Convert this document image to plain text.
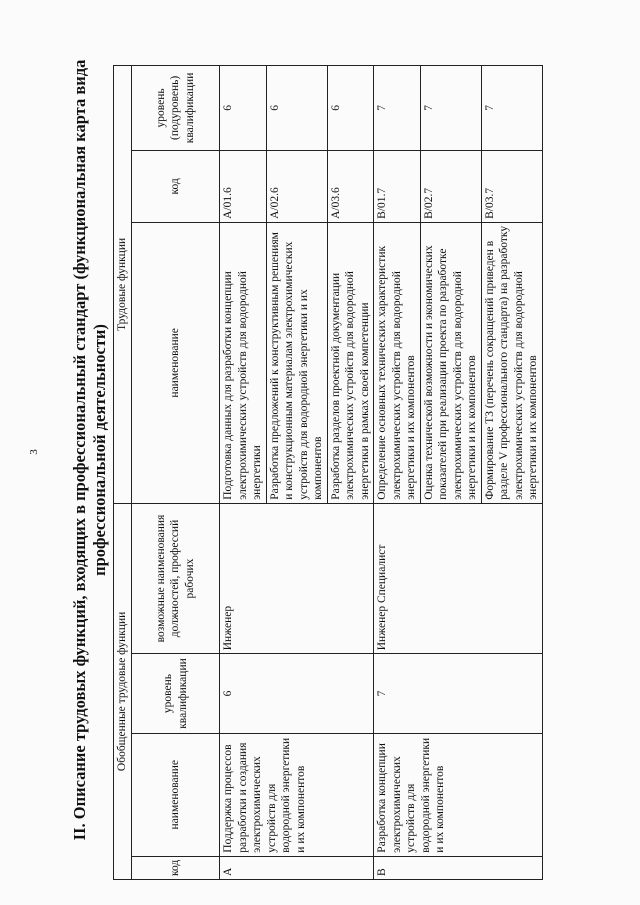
3 II. Описание трудовых функций, входящих в профессиональный стандарт (функциональная карта вида профессиональной деятельности)
Обобщенные трудовые функции				Трудовые функции		
код	наименование	уровень квалификации	возможные наименования должностей, профессий рабочих	наименование	код	уровень (подуровень) квалификации
А	Поддержка процессов разработки и создания электрохимических устройств для водородной энергетики и их компонентов	6	Инженер	Подготовка данных для разработки концепции электрохимических устройств для водородной энергетики	А/01.6	6
				Разработка предложений к конструктивным решениям и конструкционным материалам электрохимических устройств для водородной энергетики и их компонентов	А/02.6	6
				Разработка разделов проектной документации электрохимических устройств для водородной энергетики в рамках своей компетенции	А/03.6	6
В	Разработка концепции электрохимических устройств для водородной энергетики и их компонентов	7	Инженер Специалист	Определение основных технических характеристик электрохимических устройств для водородной энергетики и их компонентов	В/01.7	7
				Оценка технической возможности и экономических показателей при реализации проекта по разработке электрохимических устройств для водородной энергетики и их компонентов	В/02.7	7
				Формирование ТЗ (перечень сокращений приведен в разделе V профессионального стандарта) на разработку электрохимических устройств для водородной энергетики и их компонентов	В/03.7	7
